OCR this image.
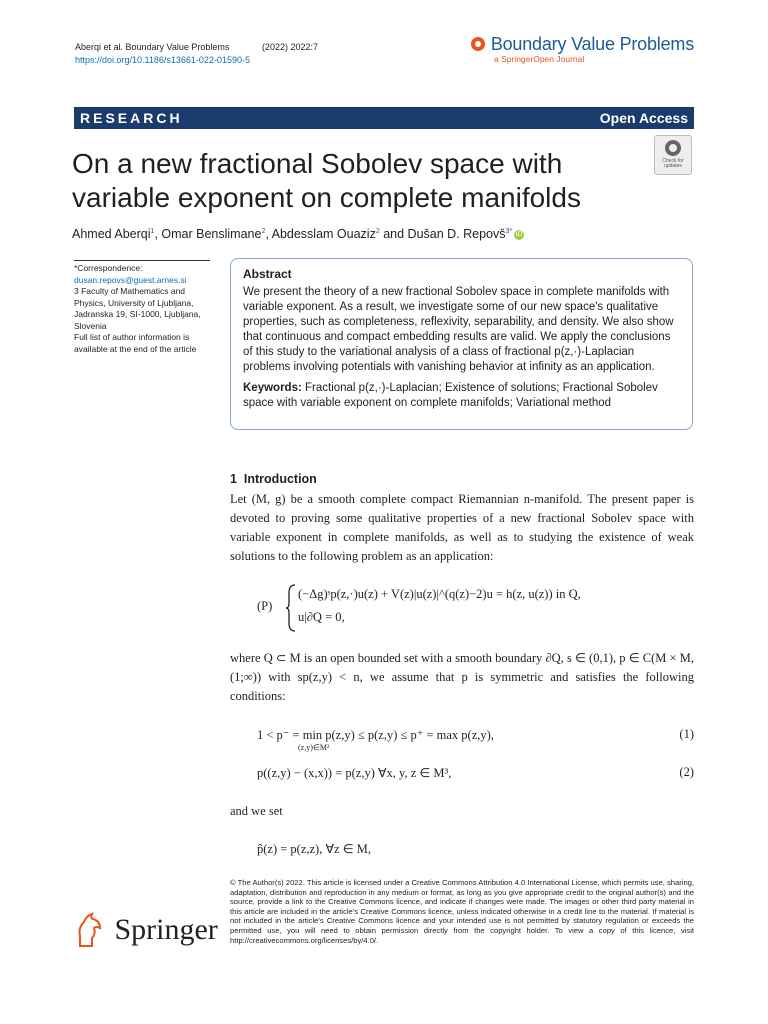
Aberqi et al. Boundary Value Problems	(2022) 2022:7
https://doi.org/10.1186/s13661-022-01590-5
Boundary Value Problems
a SpringerOpen Journal
RESEARCH	Open Access
On a new fractional Sobolev space with variable exponent on complete manifolds
Check for updates
Ahmed Aberqi$^1$, Omar Benslimane$^2$, Abdesslam Ouaziz$^2$ and Dušan D. Repovš$^{3*}$ iD
*Correspondence:
dusan.repovs@guest.arnes.si
3 Faculty of Mathematics and Physics, University of Ljubljana, Jadranska 19, SI-1000, Ljubljana, Slovenia
Full list of author information is available at the end of the article
Abstract

We present the theory of a new fractional Sobolev space in complete manifolds with variable exponent. As a result, we investigate some of our new space's qualitative properties, such as completeness, reflexivity, separability, and density. We also show that continuous and compact embedding results are valid. We apply the conclusions of this study to the variational analysis of a class of fractional p(z,·)-Laplacian problems involving potentials with vanishing behavior at infinity as an application.

Keywords: Fractional p(z,·)-Laplacian; Existence of solutions; Fractional Sobolev space with variable exponent on complete manifolds; Variational method

1 Introduction
Let (M, g) be a smooth complete compact Riemannian n-manifold. The present paper is devoted to proving some qualitative properties of a new fractional Sobolev space with variable exponent in complete manifolds, as well as to studying the existence of weak solutions to the following problem as an application:
(P)
(−Δg)ˢp(z,·)u(z) + V(z)|u(z)|^(q(z)−2)u = h(z, u(z)) in Q,
u|∂Q = 0,
where Q ⊂ M is an open bounded set with a smooth boundary ∂Q, s ∈ (0,1), p ∈ C(M × M, (1;∞)) with sp(z,y) < n, we assume that p is symmetric and satisfies the following conditions:
1 < p⁻ = min p(z,y) ≤ p(z,y) ≤ p⁺ = max p(z,y),
(z,y)∈M²
(1)
p((z,y) − (x,x)) = p(z,y) ∀x, y, z ∈ M³,	(2)
and we set
p̂(z) = p(z,z), ∀z ∈ M,
© The Author(s) 2022. This article is licensed under a Creative Commons Attribution 4.0 International License, which permits use, sharing, adaptation, distribution and reproduction in any medium or format, as long as you give appropriate credit to the original author(s) and the source, provide a link to the Creative Commons licence, and indicate if changes were made. The images or other third party material in this article are included in the article's Creative Commons licence, unless indicated otherwise in a credit line to the material. If material is not included in the article's Creative Commons licence and your intended use is not permitted by statutory regulation or exceeds the permitted use, you will need to obtain permission directly from the copyright holder. To view a copy of this licence, visit http://creativecommons.org/licenses/by/4.0/.
Springer
